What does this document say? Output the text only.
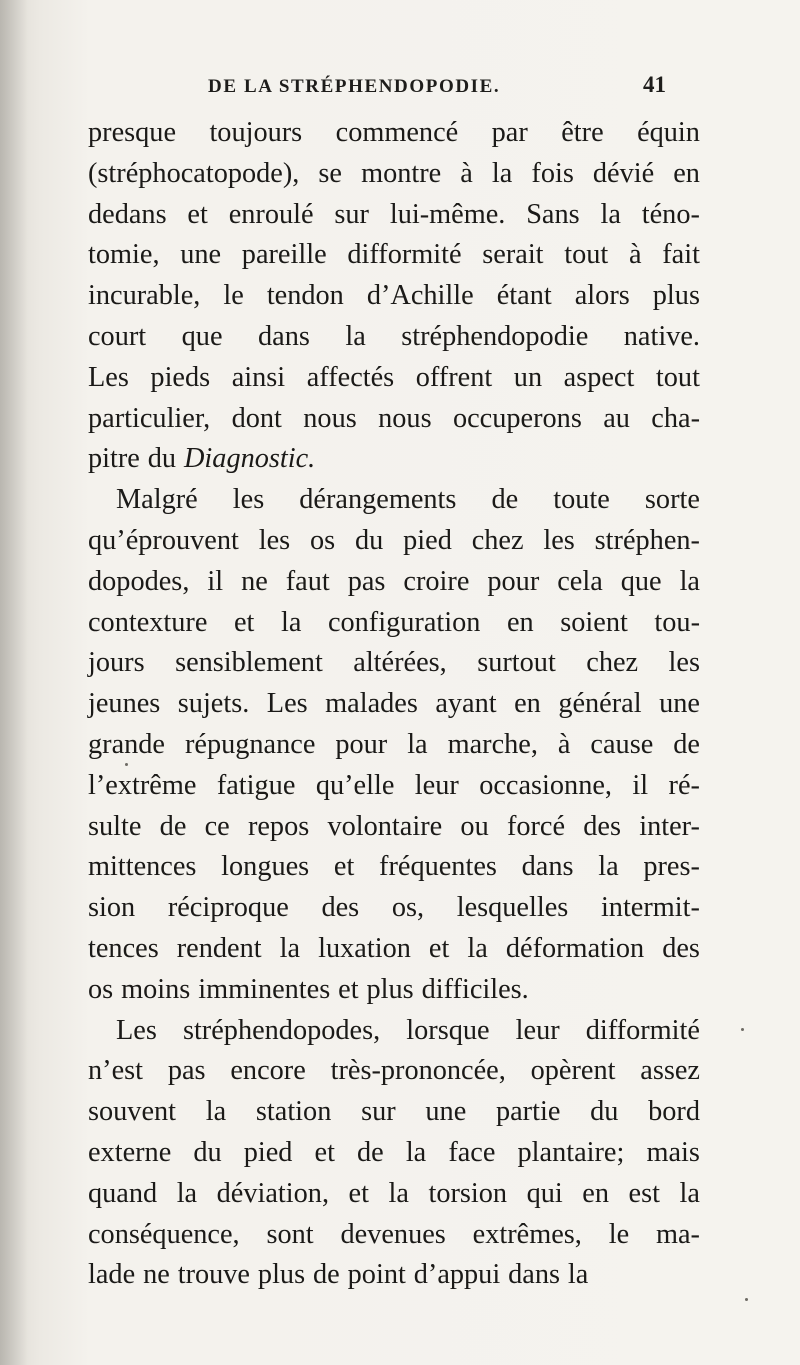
DE LA STRÉPHENDOPODIE.	41
presque toujours commencé par être équin
(stréphocatopode), se montre à la fois dévié en
dedans et enroulé sur lui-même. Sans la téno-
tomie, une pareille difformité serait tout à fait
incurable, le tendon d’Achille étant alors plus
court que dans la stréphendopodie native.
Les pieds ainsi affectés offrent un aspect tout
particulier, dont nous nous occuperons au cha-
pitre du Diagnostic.
Malgré les dérangements de toute sorte
qu’éprouvent les os du pied chez les stréphen-
dopodes, il ne faut pas croire pour cela que la
contexture et la configuration en soient tou-
jours sensiblement altérées, surtout chez les
jeunes sujets. Les malades ayant en général une
grande répugnance pour la marche, à cause de
l’extrême fatigue qu’elle leur occasionne, il ré-
sulte de ce repos volontaire ou forcé des inter-
mittences longues et fréquentes dans la pres-
sion réciproque des os, lesquelles intermit-
tences rendent la luxation et la déformation des
os moins imminentes et plus difficiles.
Les stréphendopodes, lorsque leur difformité
n’est pas encore très-prononcée, opèrent assez
souvent la station sur une partie du bord
externe du pied et de la face plantaire; mais
quand la déviation, et la torsion qui en est la
conséquence, sont devenues extrêmes, le ma-
lade ne trouve plus de point d’appui dans la
